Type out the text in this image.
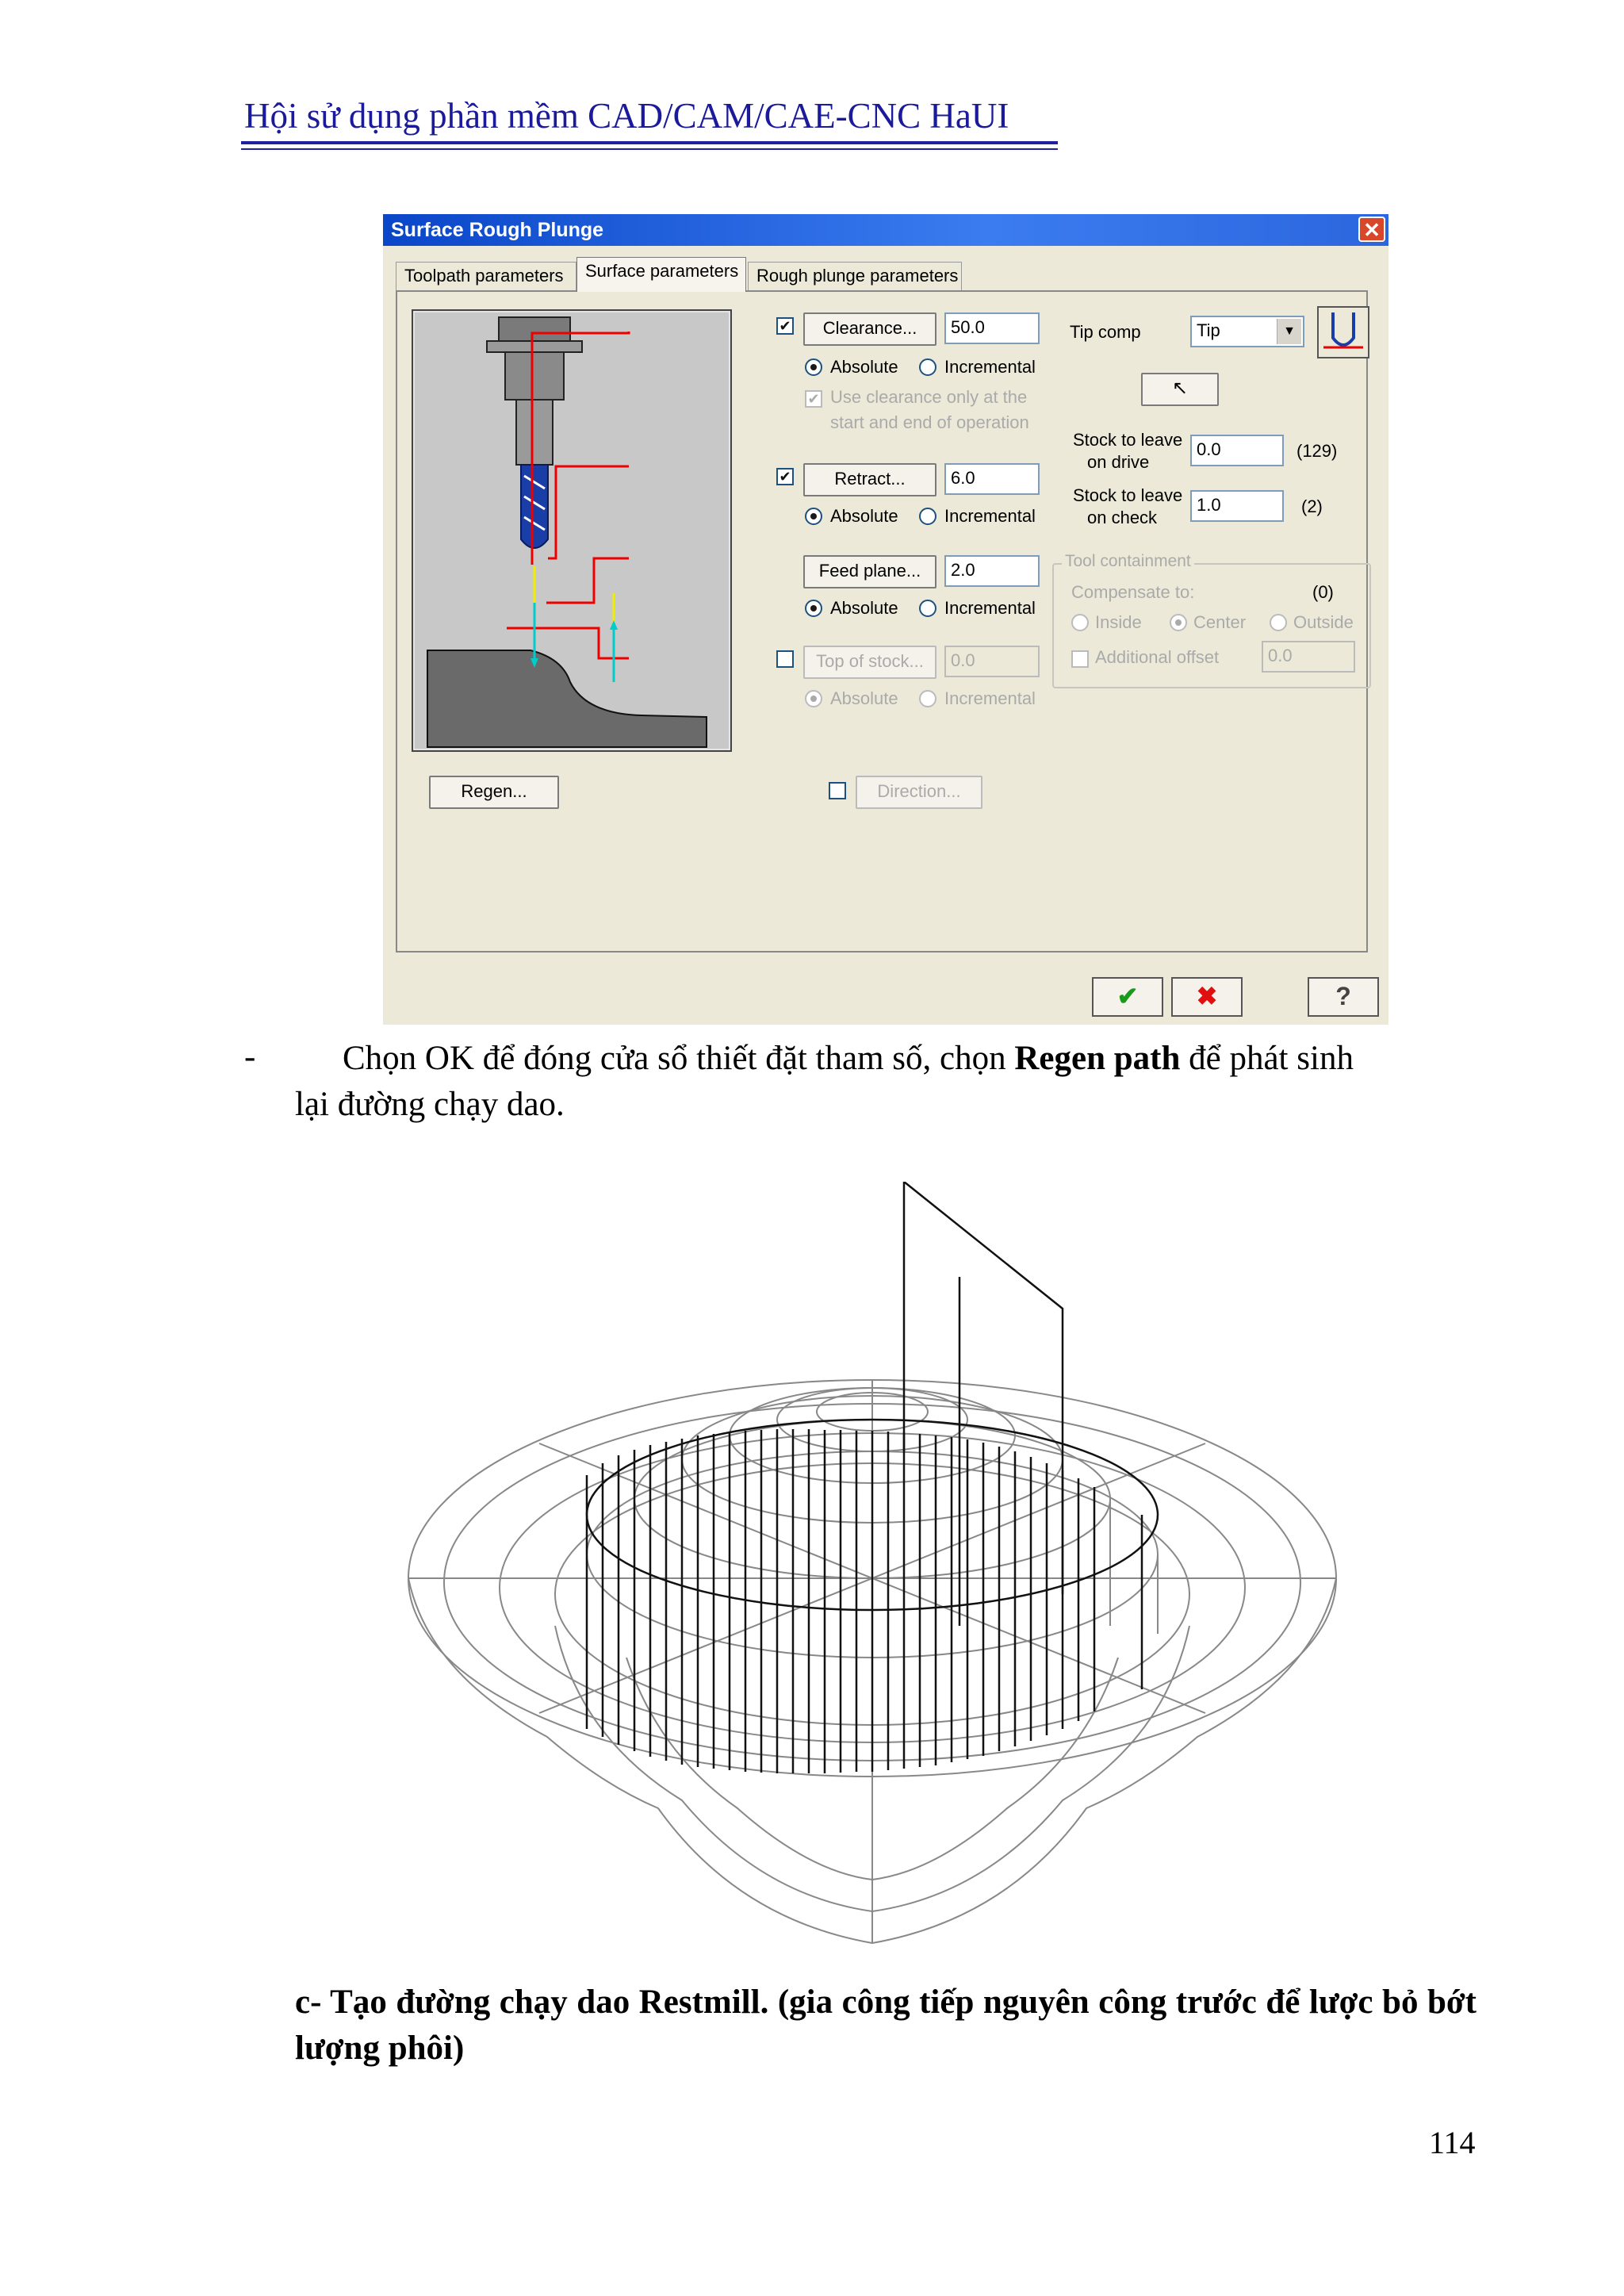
Hội sử dụng phần mềm CAD/CAM/CAE-CNC HaUI
Surface Rough Plunge	✕
Toolpath parameters	Surface parameters	Rough plunge parameters
✔	Clearance...	50.0
Absolute	Incremental
✔ Use clearance only at the
start and end of operation
✔	Retract...	6.0
Absolute	Incremental
Feed plane...	2.0
Absolute	Incremental
Top of stock...	0.0
Absolute	Incremental
Tip comp	Tip	▼
↖
Stock to leave
on drive
0.0	(129)
Stock to leave
on check
1.0	(2)
Tool containment
Compensate to:	(0)
Inside	Center	Outside
Additional offset	0.0
Regen...	Direction...
✔	✖	?
-	Chọn OK để đóng cửa sổ thiết đặt tham số, chọn Regen path để phát sinh
lại đường chạy dao.
c- Tạo đường chạy dao Restmill. (gia công tiếp nguyên công trước để lược bỏ bớt lượng phôi)
114
